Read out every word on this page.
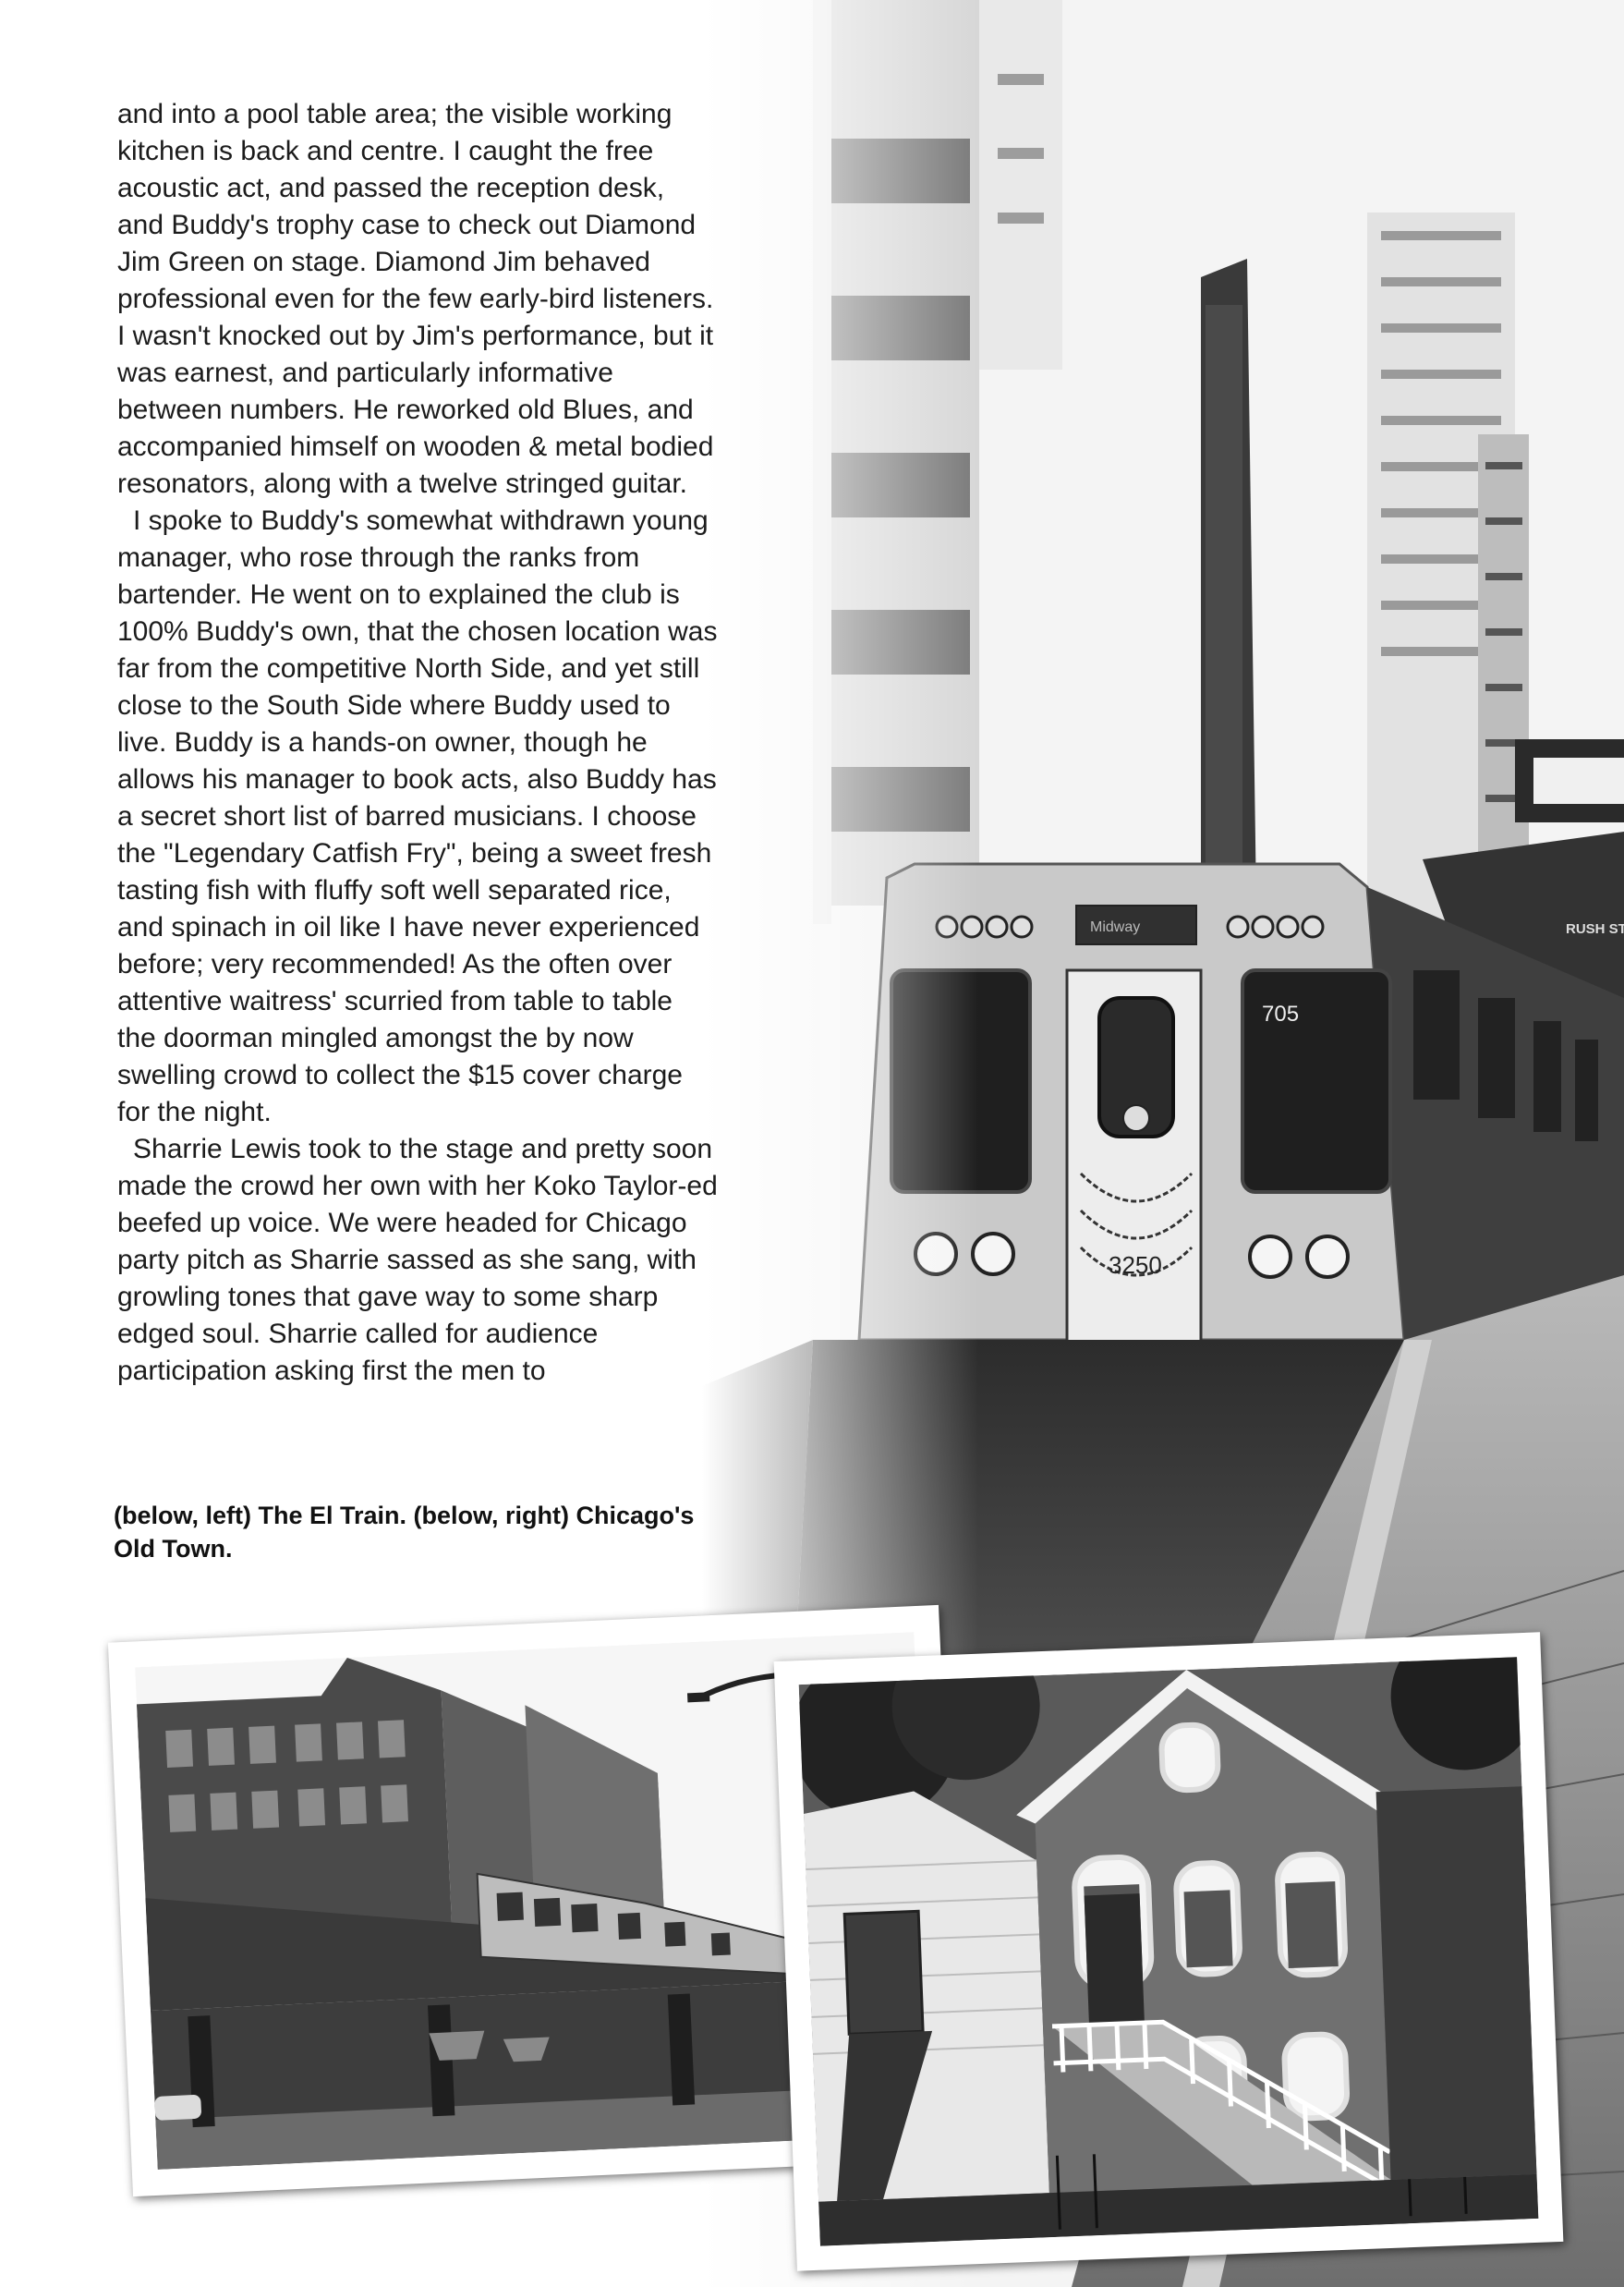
and into a pool table area; the visible working kitchen is back and centre. I caught the free acoustic act, and passed the reception desk, and Buddy's trophy case to check out Diamond Jim Green on stage. Diamond Jim behaved professional even for the few early-bird listeners. I wasn't knocked out by Jim's performance, but it was earnest, and particularly informative between numbers. He reworked old Blues, and accompanied himself on wooden & metal bodied resonators, along with a twelve stringed guitar.

I spoke to Buddy's somewhat withdrawn young manager, who rose through the ranks from bartender. He went on to explained the club is 100% Buddy's own, that the chosen location was far from the competitive North Side, and yet still close to the South Side where Buddy used to live. Buddy is a hands-on owner, though he allows his manager to book acts, also Buddy has a secret short list of barred musicians. I choose the "Legendary Catfish Fry", being a sweet fresh tasting fish with fluffy soft well separated rice, and spinach in oil like I have never experienced before; very recommended! As the often over attentive waitress' scurried from table to table the doorman mingled amongst the by now swelling crowd to collect the $15 cover charge for the night.

Sharrie Lewis took to the stage and pretty soon made the crowd her own with her Koko Taylor-ed beefed up voice. We were headed for Chicago party pitch as Sharrie sassed as she sang, with growling tones that gave way to some sharp edged soul. Sharrie called for audience participation asking first the men to

(below, left) The El Train. (below, right) Chicago's Old Town.
